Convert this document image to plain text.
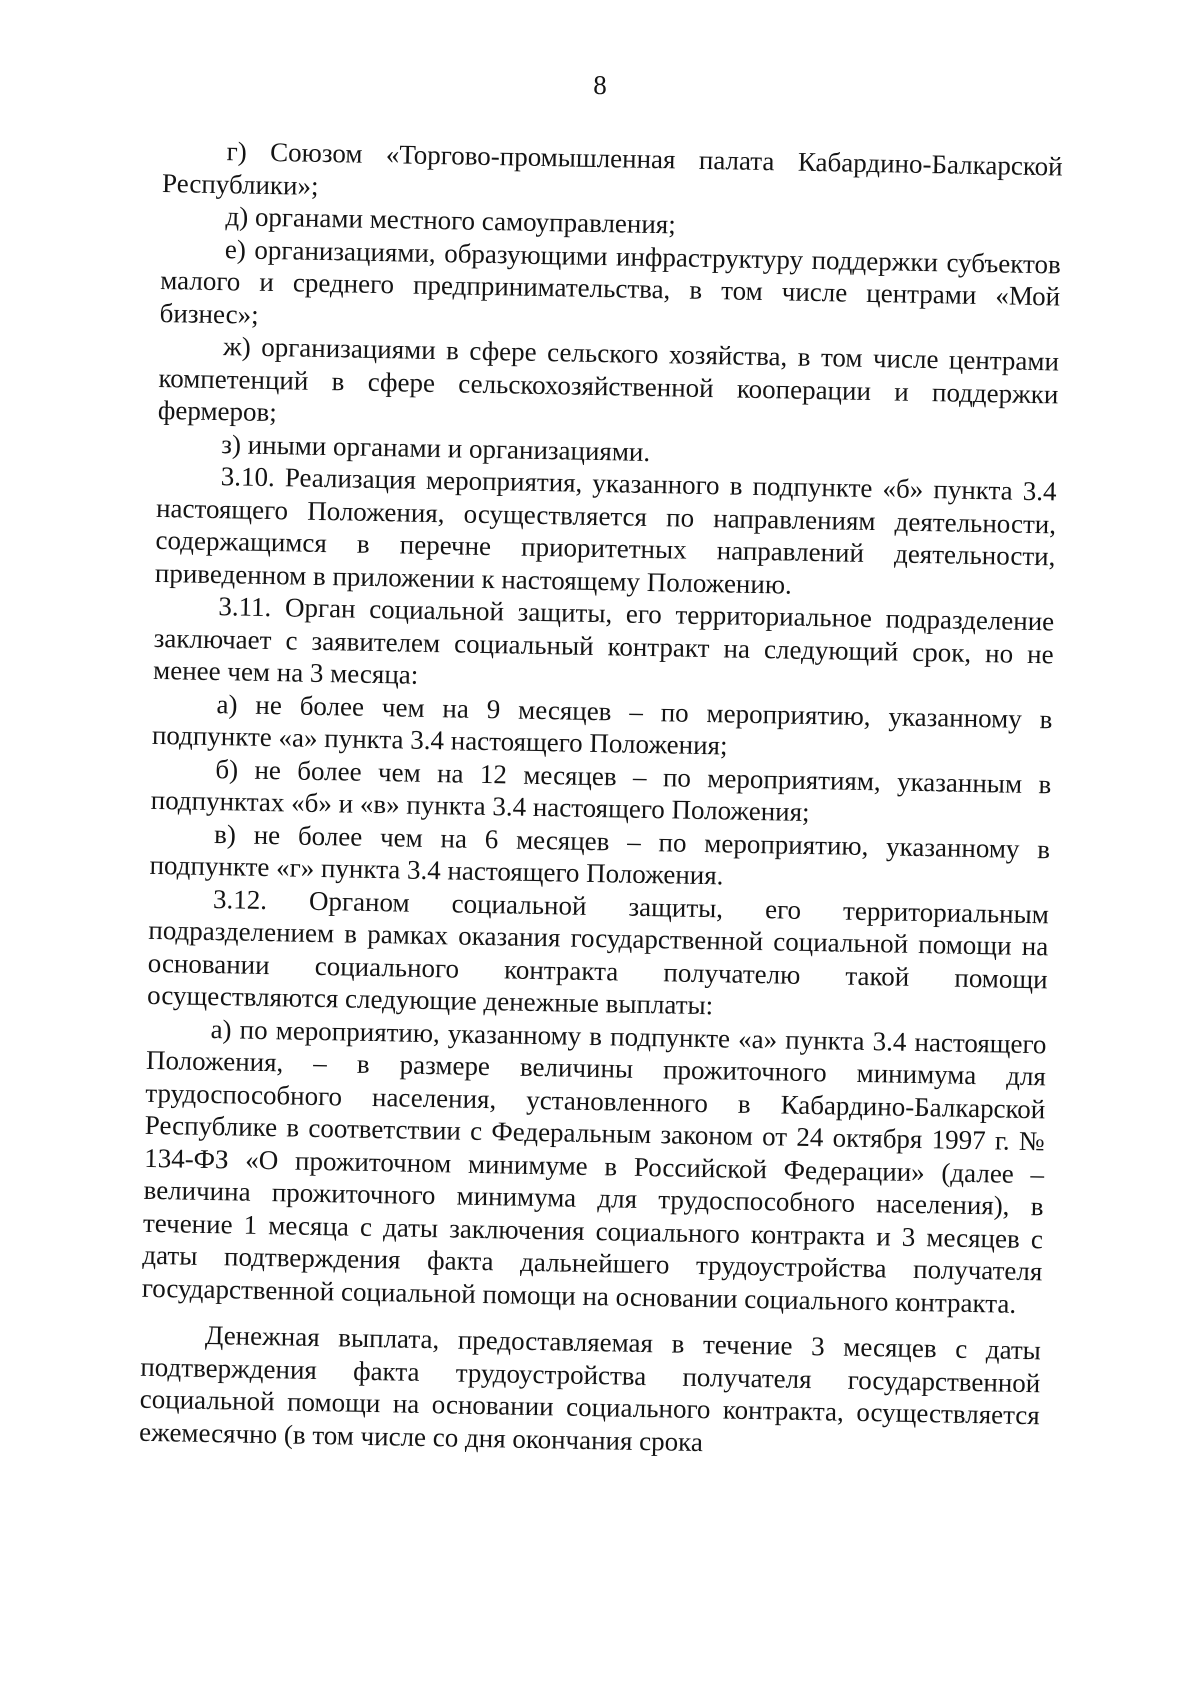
8

г) Союзом «Торгово-промышленная палата Кабардино-Балкарской Республики»;

д) органами местного самоуправления;

е) организациями, образующими инфраструктуру поддержки субъектов малого и среднего предпринимательства, в том числе центрами «Мой бизнес»;

ж) организациями в сфере сельского хозяйства, в том числе центрами компетенций в сфере сельскохозяйственной кооперации и поддержки фермеров;

з) иными органами и организациями.

3.10. Реализация мероприятия, указанного в подпункте «б» пункта 3.4 настоящего Положения, осуществляется по направлениям деятельности, содержащимся в перечне приоритетных направлений деятельности, приведенном в приложении к настоящему Положению.

3.11. Орган социальной защиты, его территориальное подразделение заключает с заявителем социальный контракт на следующий срок, но не менее чем на 3 месяца:

а) не более чем на 9 месяцев – по мероприятию, указанному в подпункте «а» пункта 3.4 настоящего Положения;

б) не более чем на 12 месяцев – по мероприятиям, указанным в подпунктах «б» и «в» пункта 3.4 настоящего Положения;

в) не более чем на 6 месяцев – по мероприятию, указанному в подпункте «г» пункта 3.4 настоящего Положения.

3.12. Органом социальной защиты, его территориальным подразделением в рамках оказания государственной социальной помощи на основании социального контракта получателю такой помощи осуществляются следующие денежные выплаты:

а) по мероприятию, указанному в подпункте «а» пункта 3.4 настоящего Положения, – в размере величины прожиточного минимума для трудоспособного населения, установленного в Кабардино-Балкарской Республике в соответствии с Федеральным законом от 24 октября 1997 г. № 134-ФЗ «О прожиточном минимуме в Российской Федерации» (далее – величина прожиточного минимума для трудоспособного населения), в течение 1 месяца с даты заключения социального контракта и 3 месяцев с даты подтверждения факта дальнейшего трудоустройства получателя государственной социальной помощи на основании социального контракта.

Денежная выплата, предоставляемая в течение 3 месяцев с даты подтверждения факта трудоустройства получателя государственной социальной помощи на основании социального контракта, осуществляется ежемесячно (в том числе со дня окончания срока
